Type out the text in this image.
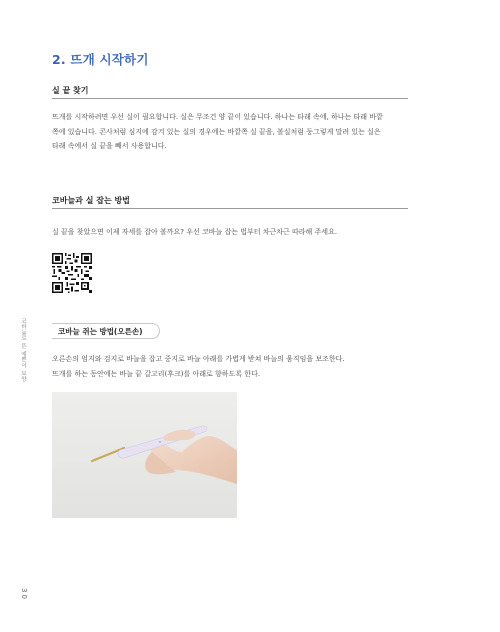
2. 뜨개 시작하기
실 끝 찾기

뜨개를 시작하려면 우선 실이 필요합니다. 실은 무조건 양 끝이 있습니다. 하나는 타래 속에, 하나는 타래 바깥

쪽에 있습니다. 콘사처럼 심지에 감겨 있는 실의 경우에는 바깥쪽 실 끝을, 볼실처럼 둥그렇게 말려 있는 실은

타래 속에서 실 끝을 빼서 사용합니다.

코바늘과 실 잡는 방법

실 끝을 찾았으면 이제 자세를 잡아 볼까요? 우선 코바늘 잡는 법부터 차근차근 따라해 주세요.

코바늘 쥐는 방법(오른손)

오른손의 엄지와 검지로 바늘을 잡고 중지로 바늘 아래를 가볍게 받쳐 바늘의 움직임을 보조한다.

뜨개를 하는 동안에는 바늘 끝 갈고리(후크)를 아래로 향하도록 한다.

코바늘로 뜬 예쁜이 모양
30
